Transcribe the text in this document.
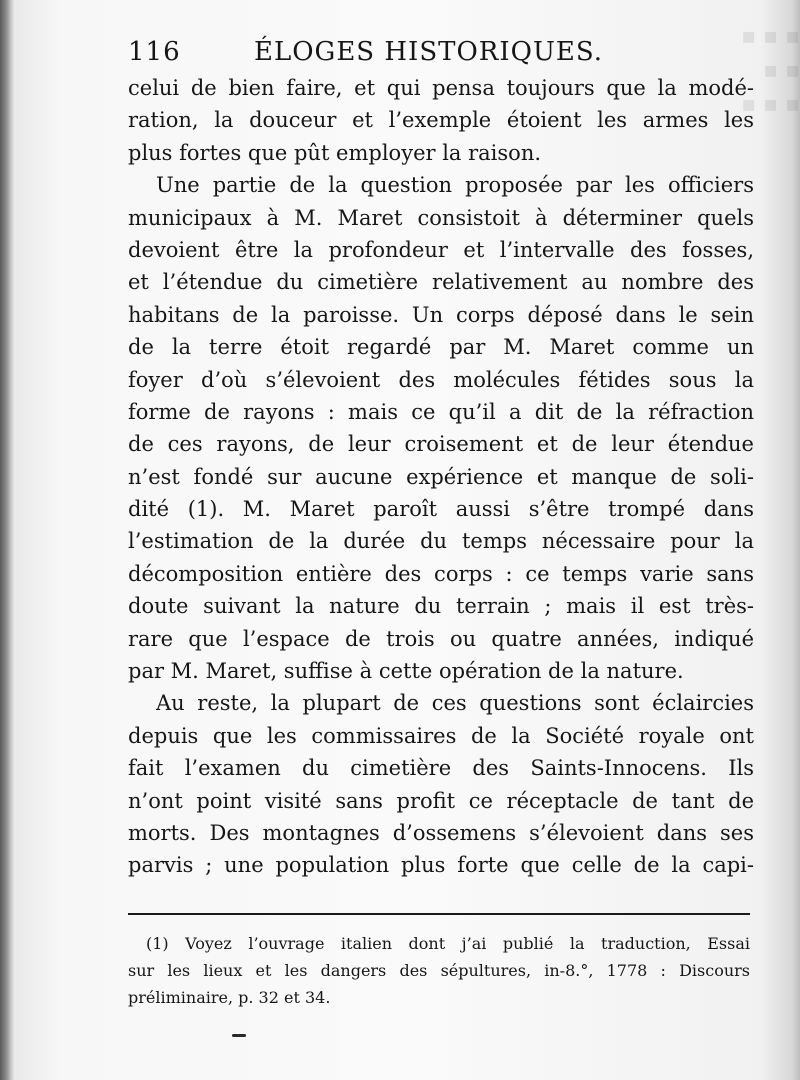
▪ ▪ ▪
▪ ▪
▪ ▪ ▪
116	ÉLOGES HISTORIQUES.

celui de bien faire, et qui pensa toujours que la modé-

ration, la douceur et l’exemple étoient les armes les

plus fortes que pût employer la raison.

Une partie de la question proposée par les officiers

municipaux à M. Maret consistoit à déterminer quels

devoient être la profondeur et l’intervalle des fosses,

et l’étendue du cimetière relativement au nombre des

habitans de la paroisse. Un corps déposé dans le sein

de la terre étoit regardé par M. Maret comme un

foyer d’où s’élevoient des molécules fétides sous la

forme de rayons : mais ce qu’il a dit de la réfraction

de ces rayons, de leur croisement et de leur étendue

n’est fondé sur aucune expérience et manque de soli-

dité (1). M. Maret paroît aussi s’être trompé dans

l’estimation de la durée du temps nécessaire pour la

décomposition entière des corps : ce temps varie sans

doute suivant la nature du terrain ; mais il est très-

rare que l’espace de trois ou quatre années, indiqué

par M. Maret, suffise à cette opération de la nature.

Au reste, la plupart de ces questions sont éclaircies

depuis que les commissaires de la Société royale ont

fait l’examen du cimetière des Saints-Innocens. Ils

n’ont point visité sans profit ce réceptacle de tant de

morts. Des montagnes d’ossemens s’élevoient dans ses

parvis ; une population plus forte que celle de la capi-

(1) Voyez l’ouvrage italien dont j’ai publié la traduction, Essai

sur les lieux et les dangers des sépultures, in-8.°, 1778 : Discours

préliminaire, p. 32 et 34.
